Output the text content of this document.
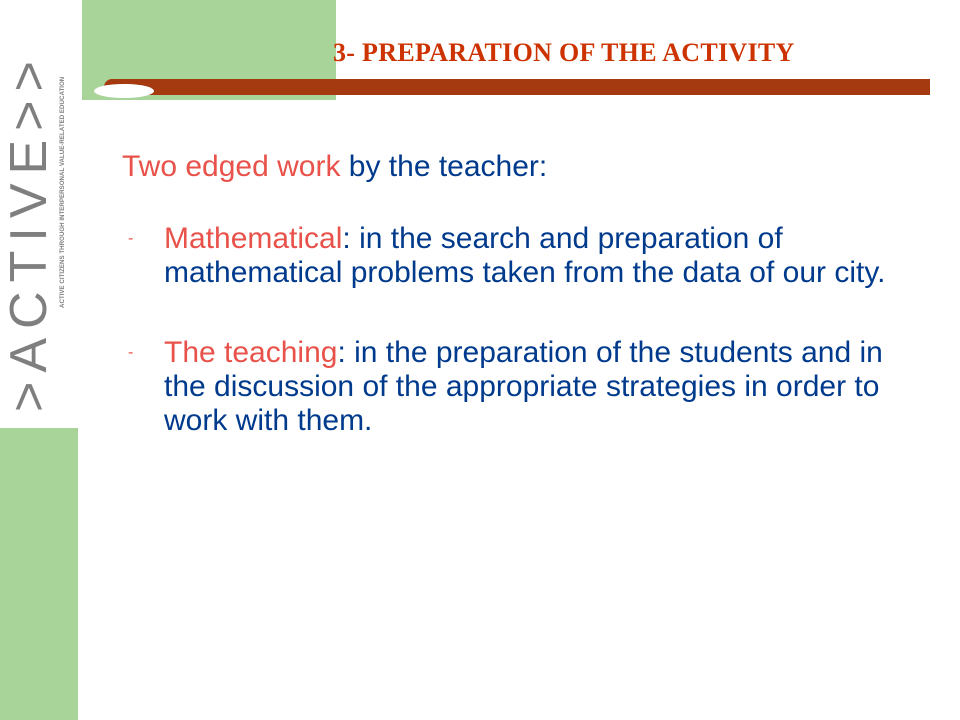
>ACTIVE>> ACTIVE CITIZENS THROUGH INTERPERSONAL VALUE-RELATED EDUCATION
3- PREPARATION OF THE ACTIVITY

Two edged work by the teacher:

- Mathematical: in the search and preparation of mathematical problems taken from the data of our city.
- The teaching: in the preparation of the students and in the discussion of the appropriate strategies in order to work with them.
